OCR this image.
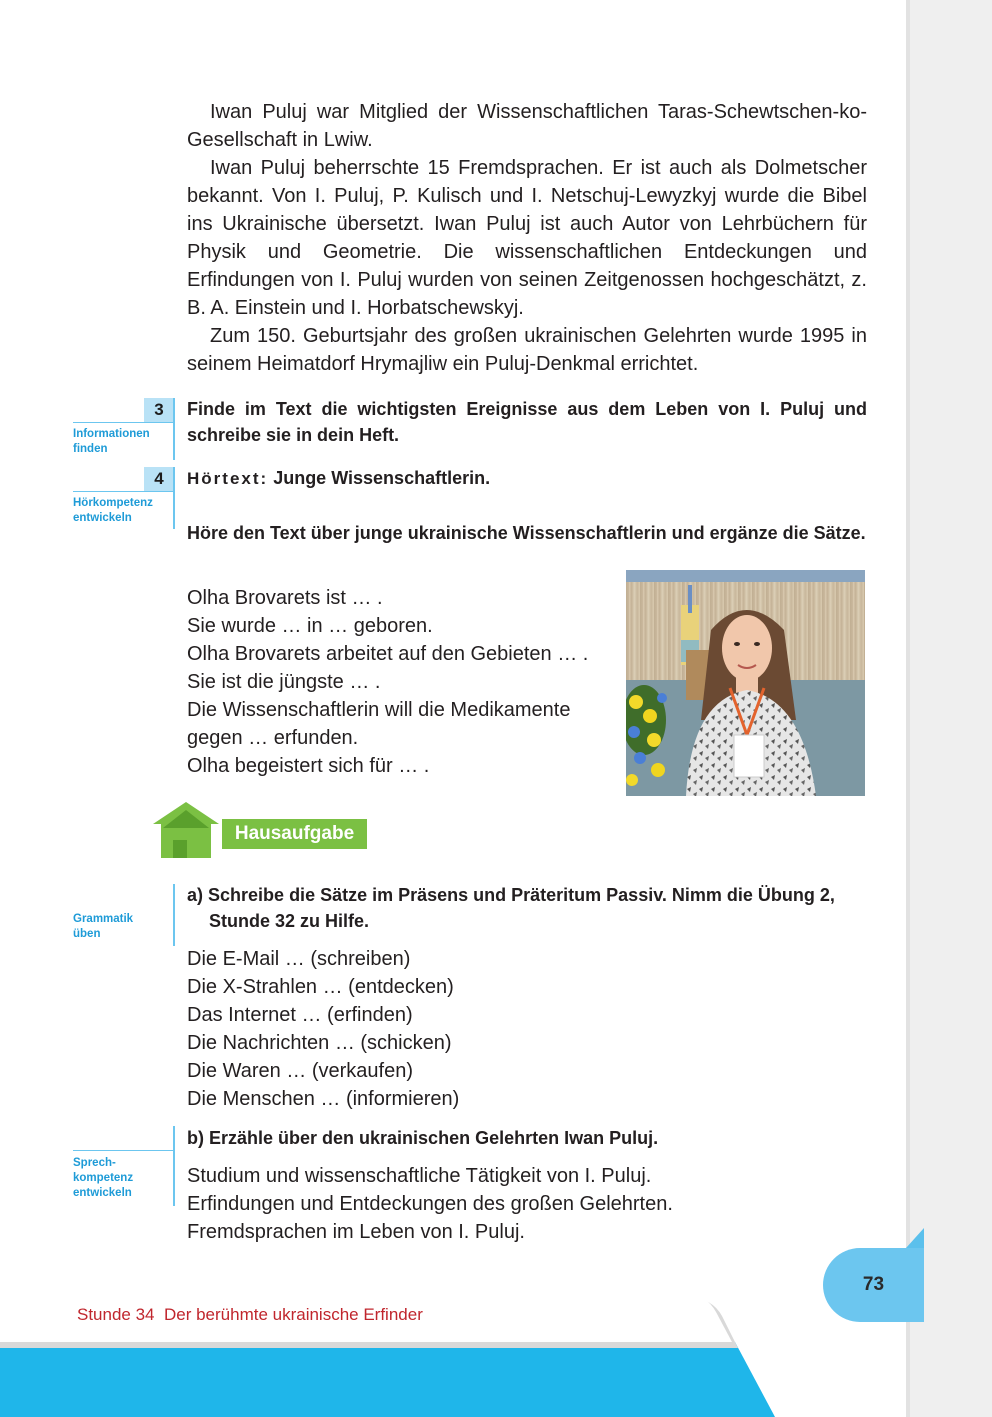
Iwan Puluj war Mitglied der Wissenschaftlichen Taras-Schewtschen-ko-Gesellschaft in Lwiw.

Iwan Puluj beherrschte 15 Fremdsprachen. Er ist auch als Dolmetscher bekannt. Von I. Puluj, P. Kulisch und I. Netschuj-Lewyzkyj wurde die Bibel ins Ukrainische übersetzt. Iwan Puluj ist auch Autor von Lehrbüchern für Physik und Geometrie. Die wissenschaftlichen Entdeckungen und Erfindungen von I. Puluj wurden von seinen Zeitgenossen hochgeschätzt, z. B. A. Einstein und I. Horbatschewskyj.

Zum 150. Geburtsjahr des großen ukrainischen Gelehrten wurde 1995 in seinem Heimatdorf Hrymajliw ein Puluj-Denkmal errichtet.

3
Informationen
finden
Finde im Text die wichtigsten Ereignisse aus dem Leben von I. Puluj und schreibe sie in dein Heft.
4
Hörkompetenz
entwickeln
Hörtext: Junge Wissenschaftlerin.
Höre den Text über junge ukrainische Wissenschaftlerin und ergänze die Sätze.
Olha Brovarets ist … .
Sie wurde … in … geboren.
Olha Brovarets arbeitet auf den Gebieten … .
Sie ist die jüngste … .
Die Wissenschaftlerin will die Medikamente
gegen … erfunden.
Olha begeistert sich für … .
Hausaufgabe
Grammatik
üben
a) Schreibe die Sätze im Präsens und Präteritum Passiv. Nimm die Übung 2,
Stunde 32 zu Hilfe.
Die E-Mail … (schreiben)
Die X-Strahlen … (entdecken)
Das Internet … (erfinden)
Die Nachrichten … (schicken)
Die Waren … (verkaufen)
Die Menschen … (informieren)
Sprech-
kompetenz
entwickeln
b) Erzähle über den ukrainischen Gelehrten Iwan Puluj.
Studium und wissenschaftliche Tätigkeit von I. Puluj.
Erfindungen und Entdeckungen des großen Gelehrten.
Fremdsprachen im Leben von I. Puluj.
73
Stunde 34 Der berühmte ukrainische Erfinder
